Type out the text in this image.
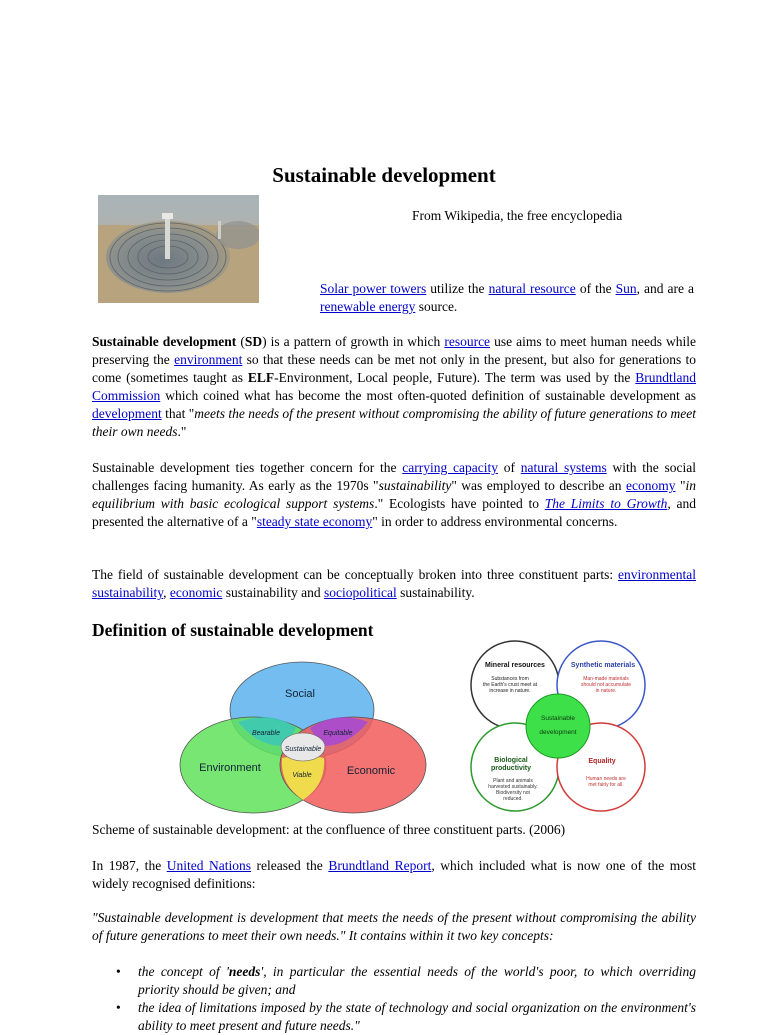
Sustainable development
From Wikipedia, the free encyclopedia
Solar power towers utilize the natural resource of the Sun, and are a renewable energy source.

Sustainable development (SD) is a pattern of growth in which resource use aims to meet human needs while preserving the environment so that these needs can be met not only in the present, but also for generations to come (sometimes taught as ELF-Environment, Local people, Future). The term was used by the Brundtland Commission which coined what has become the most often-quoted definition of sustainable development as development that "meets the needs of the present without compromising the ability of future generations to meet their own needs."

Sustainable development ties together concern for the carrying capacity of natural systems with the social challenges facing humanity. As early as the 1970s "sustainability" was employed to describe an economy "in equilibrium with basic ecological support systems." Ecologists have pointed to The Limits to Growth, and presented the alternative of a "steady state economy" in order to address environmental concerns.

The field of sustainable development can be conceptually broken into three constituent parts: environmental sustainability, economic sustainability and sociopolitical sustainability.

Definition of sustainable development
Social
Environment	Economic
Bearable	Equitable
Viable
Sustainable
Mineral resources
Substances from
the Earth's crust meet at
increase in nature.
Synthetic materials
Man-made materials
should not accumulate
in nature.
Biological
productivity
Plant and animals
harvested sustainably.
Biodiversity not
reduced.
Equality
Human needs are
met fairly for all.
Sustainable
development

Scheme of sustainable development: at the confluence of three constituent parts. (2006)

In 1987, the United Nations released the Brundtland Report, which included what is now one of the most widely recognised definitions:

"Sustainable development is development that meets the needs of the present without compromising the ability of future generations to meet their own needs." It contains within it two key concepts:

• the concept of 'needs', in particular the essential needs of the world's poor, to which overriding priority should be given; and
• the idea of limitations imposed by the state of technology and social organization on the environment's ability to meet present and future needs."
